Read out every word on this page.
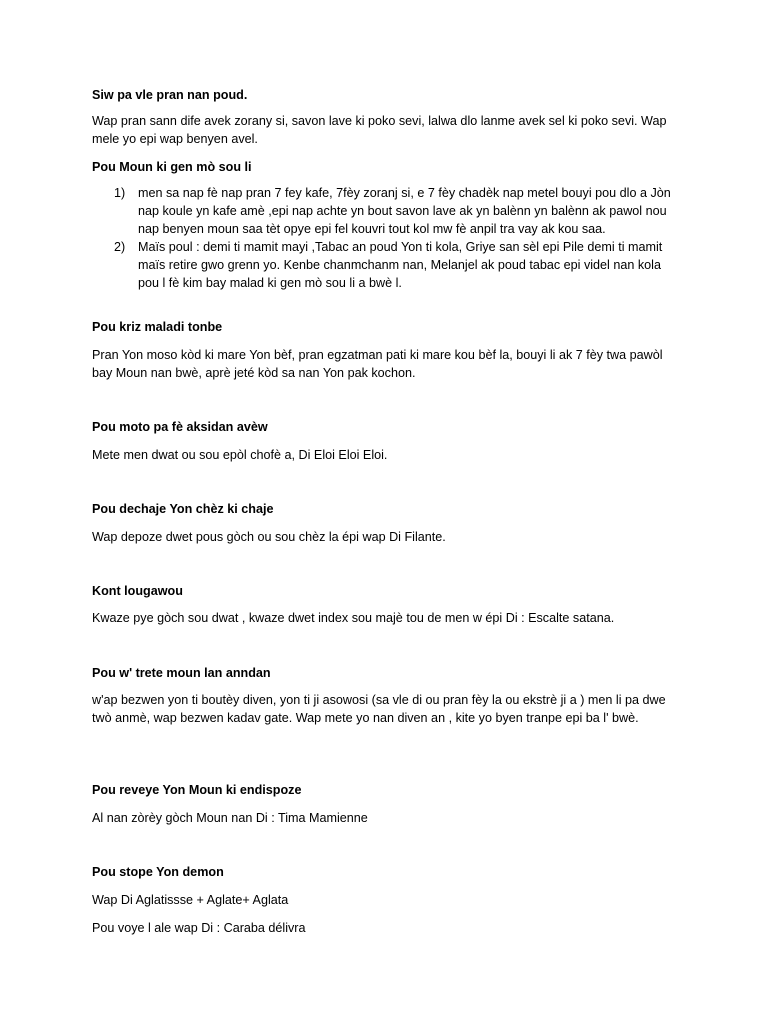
Siw pa vle pran nan poud.

Wap pran sann dife avek zorany si, savon lave ki poko sevi, lalwa dlo lanme avek sel ki poko sevi. Wap mele yo epi wap benyen avel.

Pou Moun ki gen mò sou li
1) men sa nap fè nap pran 7 fey kafe, 7fèy zoranj si, e 7 fèy chadèk nap metel bouyi pou dlo a Jòn nap koule yn kafe amè ,epi nap achte yn bout savon lave ak yn balènn yn balènn ak pawol nou nap benyen moun saa tèt opye epi fel kouvri tout kol mw fè anpil tra vay ak kou saa.
2) Maïs poul : demi ti mamit mayi ,Tabac an poud Yon ti kola, Griye san sèl epi Pile demi ti mamit maïs retire gwo grenn yo. Kenbe chanmchanm nan, Melanjel ak poud tabac epi videl nan kola pou l fè kim bay malad ki gen mò sou li a bwè l.
Pou kriz maladi tonbe

Pran Yon moso kòd ki mare Yon bèf, pran egzatman pati ki mare kou bèf la, bouyi li ak 7 fèy twa pawòl bay Moun nan bwè, aprè jeté kòd sa nan Yon pak kochon.

Pou moto pa fè aksidan avèw

Mete men dwat ou sou epòl chofè a, Di Eloi Eloi Eloi.

Pou dechaje Yon chèz ki chaje

Wap depoze dwet pous gòch ou sou chèz la épi wap Di Filante.

Kont lougawou

Kwaze pye gòch sou dwat , kwaze dwet index sou majè tou de men w épi Di : Escalte satana.

Pou w' trete moun lan anndan

w'ap bezwen yon ti boutèy diven, yon ti ji asowosi (sa vle di ou pran fèy la ou ekstrè ji a ) men li pa dwe twò anmè, wap bezwen kadav gate. Wap mete yo nan diven an , kite yo byen tranpe epi ba l' bwè.

Pou reveye Yon Moun ki endispoze

Al nan zòrèy gòch Moun nan Di : Tima Mamienne

Pou stope Yon demon

Wap Di Aglatissse + Aglate+ Aglata

Pou voye l ale wap Di : Caraba délivra
